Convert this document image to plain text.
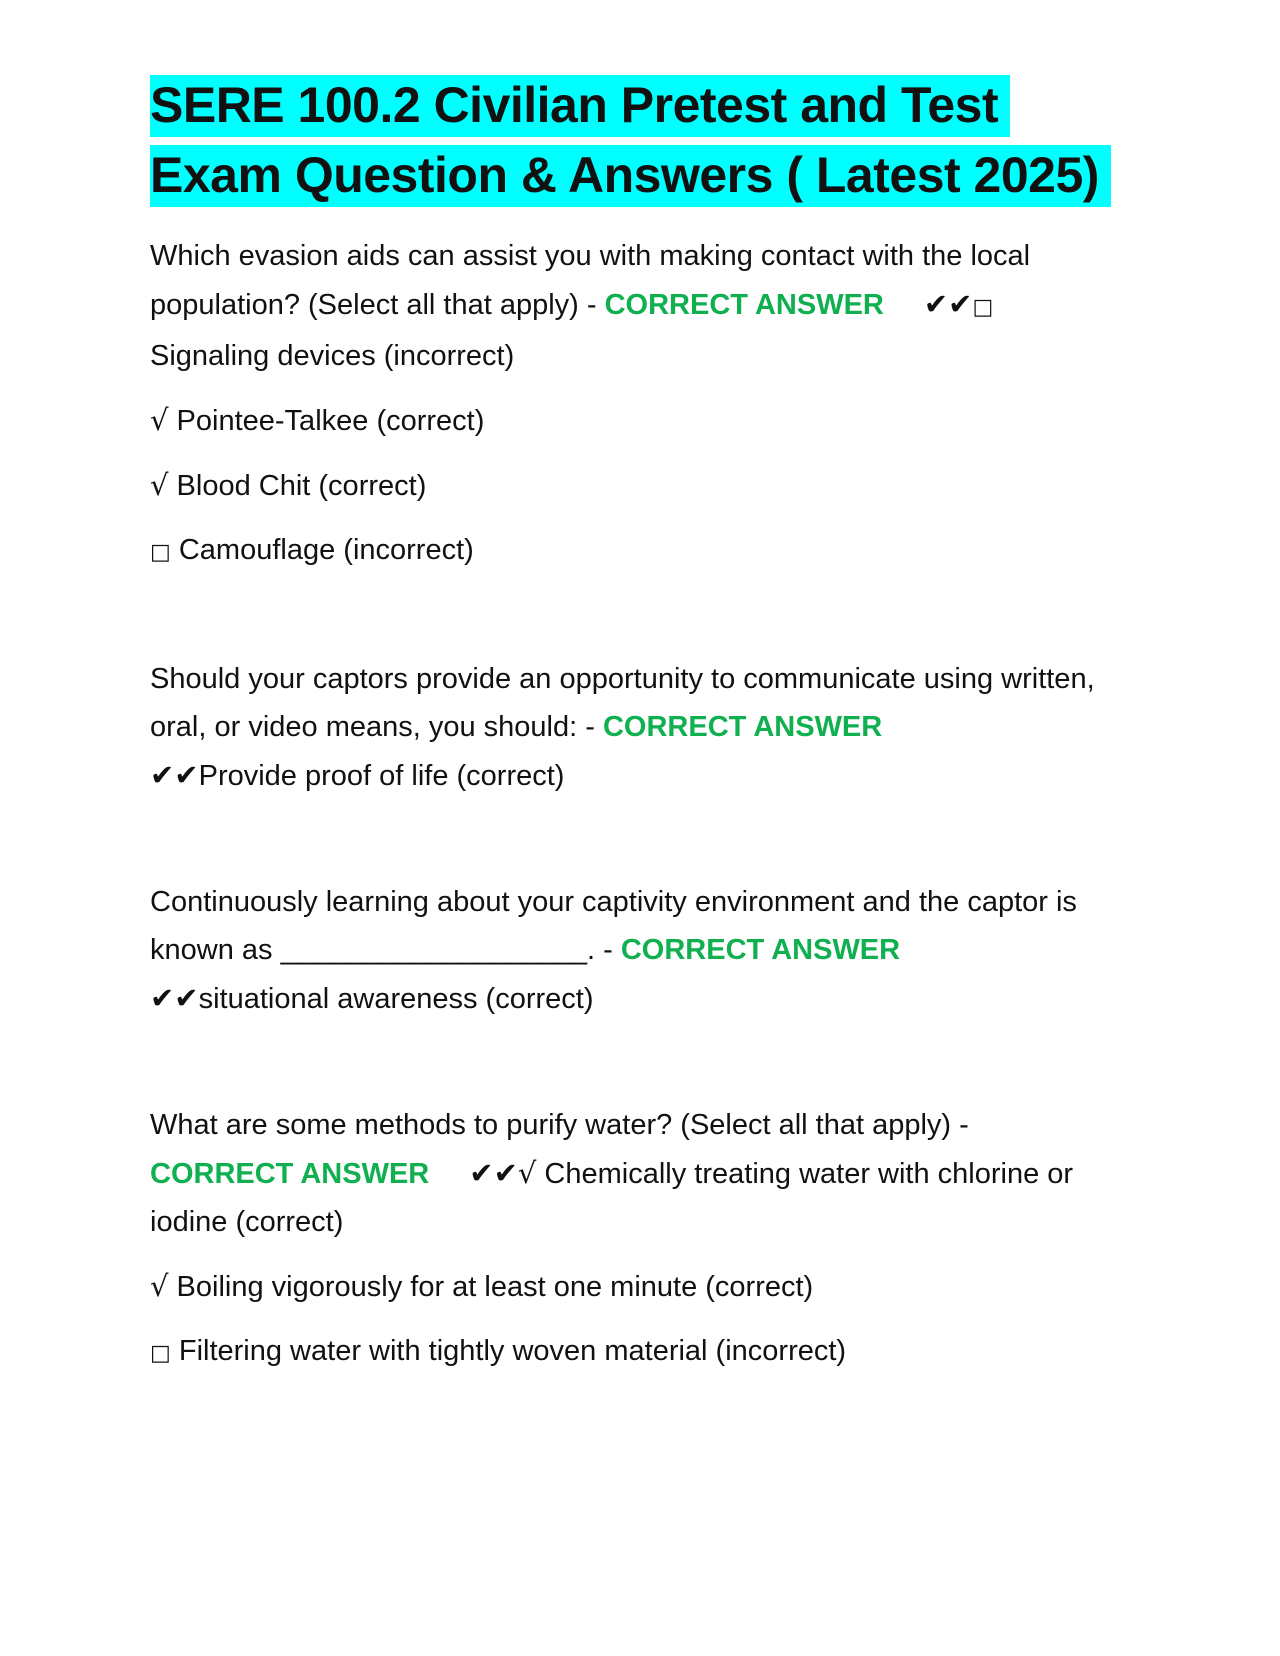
SERE 100.2 Civilian Pretest and Test Exam Question & Answers ( Latest 2025)

Which evasion aids can assist you with making contact with the local population? (Select all that apply) - CORRECT ANSWER ✔✔□
Signaling devices (incorrect)

√ Pointee-Talkee (correct)

√ Blood Chit (correct)

□ Camouflage (incorrect)

Should your captors provide an opportunity to communicate using written, oral, or video means, you should: - CORRECT ANSWER
✔✔Provide proof of life (correct)

Continuously learning about your captivity environment and the captor is known as ___________________. - CORRECT ANSWER
✔✔situational awareness (correct)

What are some methods to purify water? (Select all that apply) -
CORRECT ANSWER ✔✔√ Chemically treating water with chlorine or iodine (correct)

√ Boiling vigorously for at least one minute (correct)

□ Filtering water with tightly woven material (incorrect)
